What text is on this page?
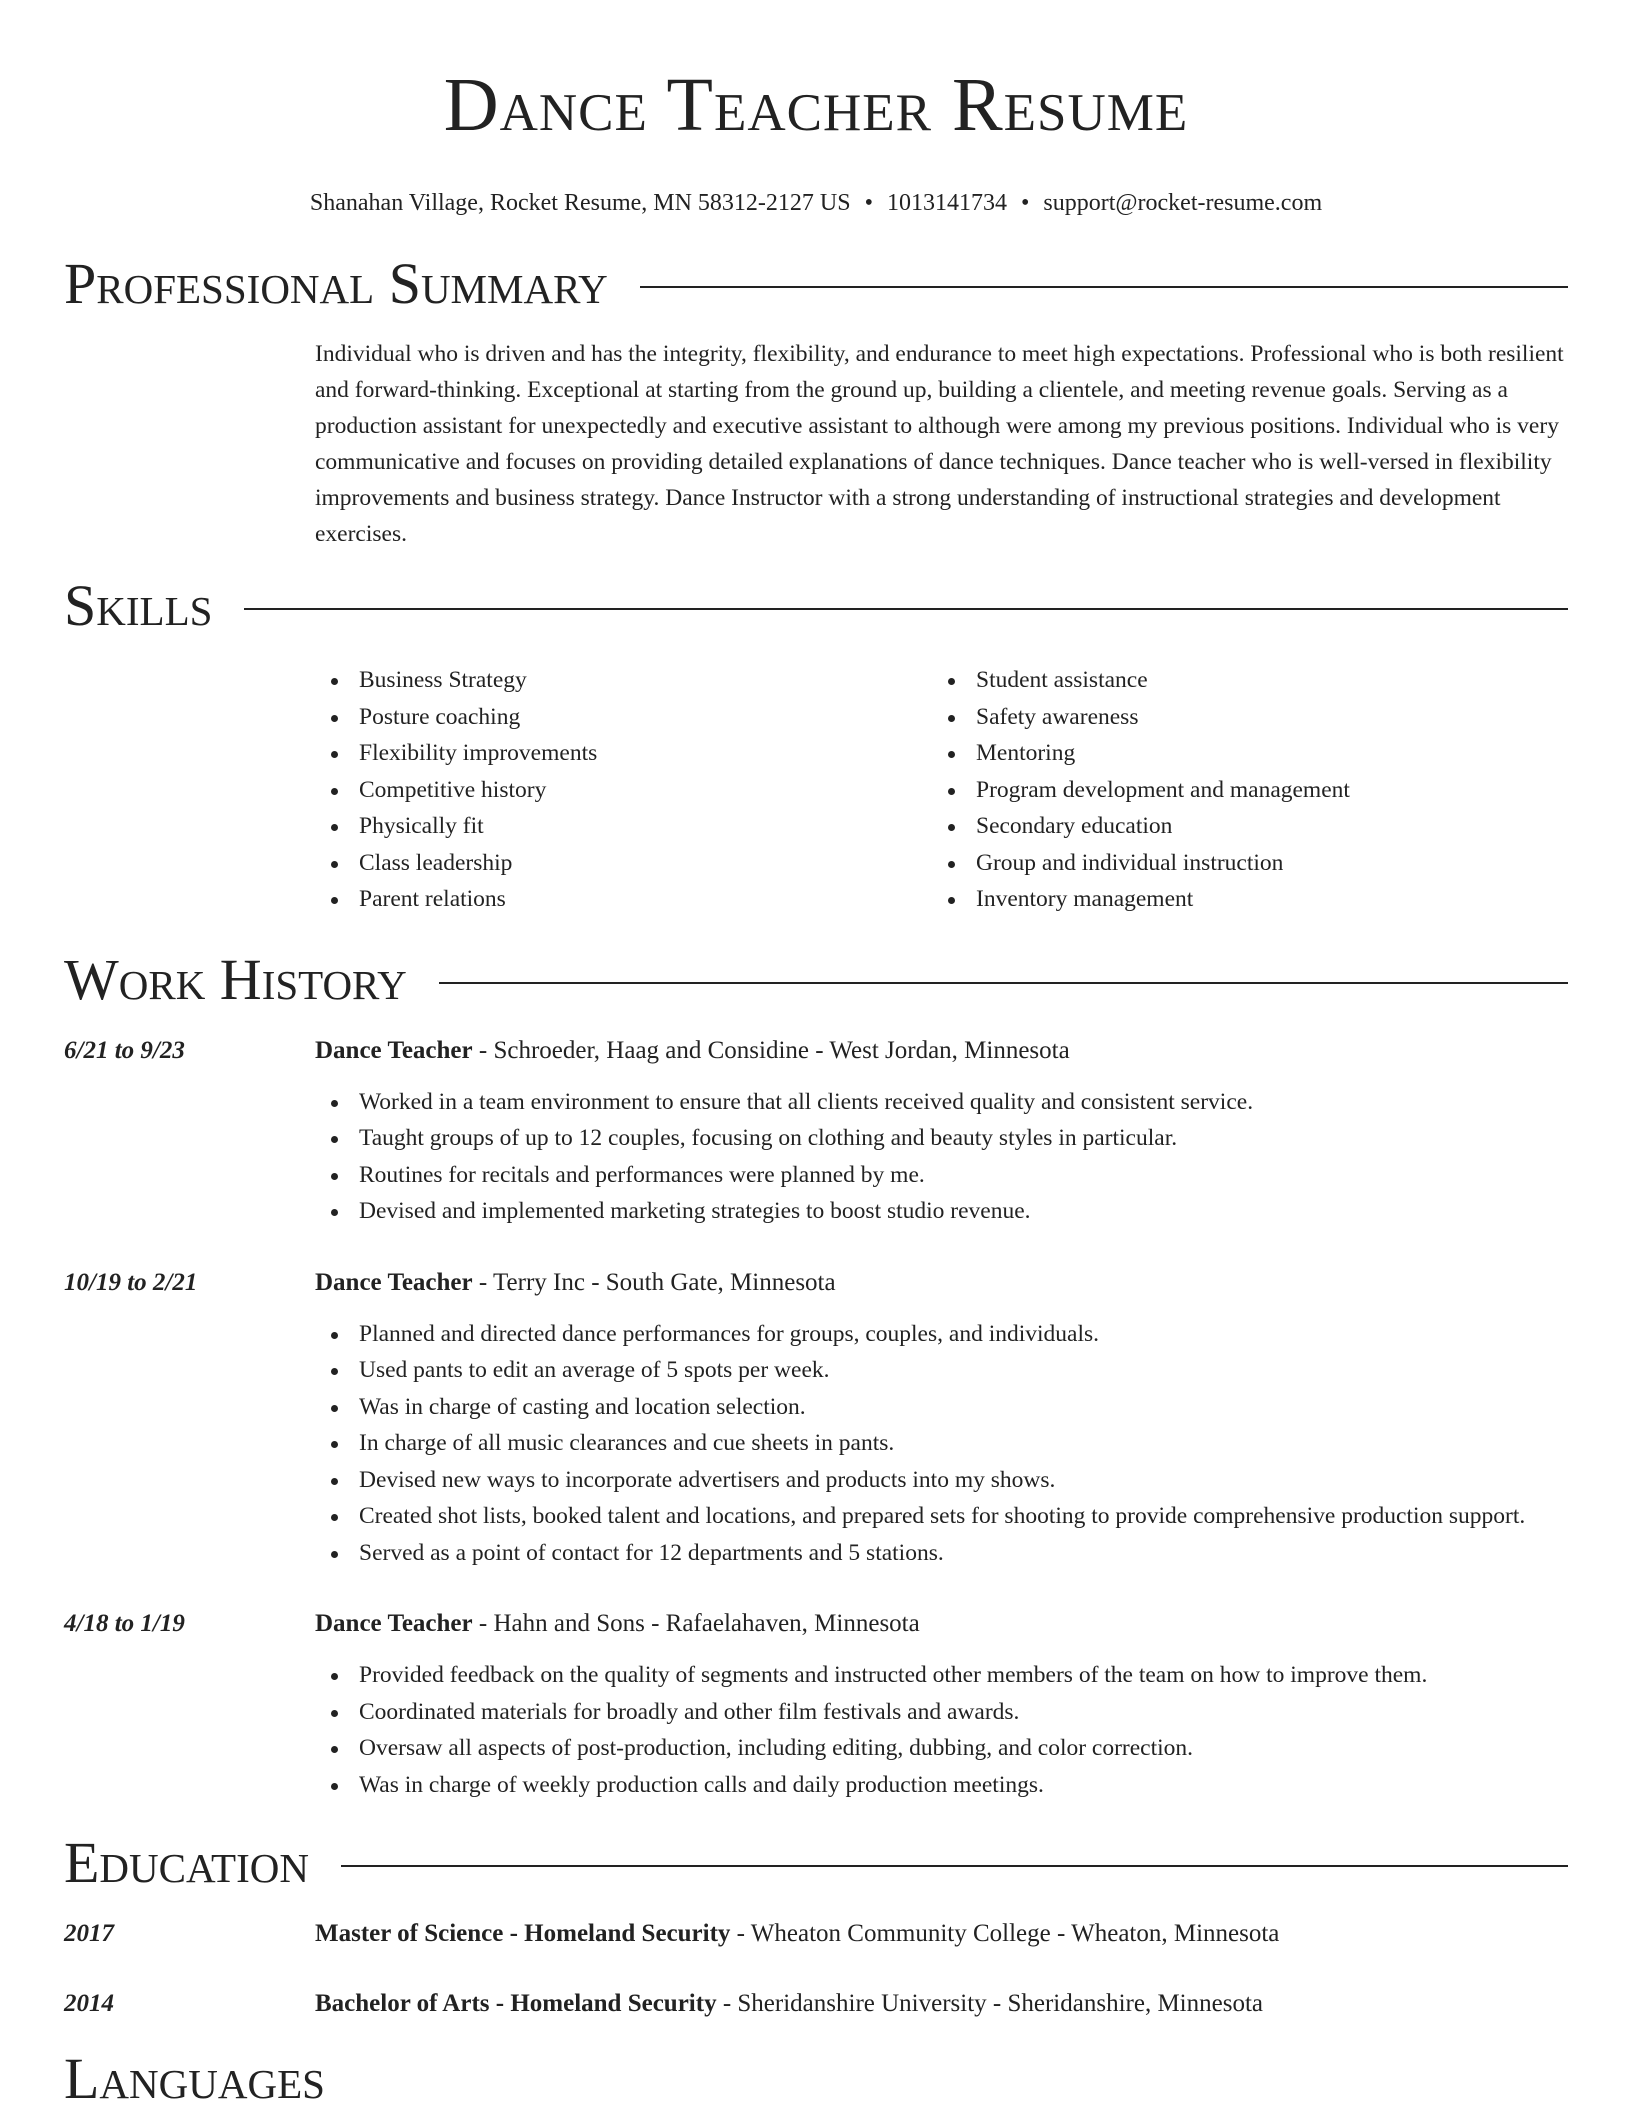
Dance Teacher Resume
Shanahan Village, Rocket Resume, MN 58312-2127 US • 1013141734 • support@rocket-resume.com
Professional Summary

Individual who is driven and has the integrity, flexibility, and endurance to meet high expectations. Professional who is both resilient and forward-thinking. Exceptional at starting from the ground up, building a clientele, and meeting revenue goals. Serving as a production assistant for unexpectedly and executive assistant to although were among my previous positions. Individual who is very communicative and focuses on providing detailed explanations of dance techniques. Dance teacher who is well-versed in flexibility improvements and business strategy. Dance Instructor with a strong understanding of instructional strategies and development exercises.

Skills
Business Strategy
Posture coaching
Flexibility improvements
Competitive history
Physically fit
Class leadership
Parent relations
Student assistance
Safety awareness
Mentoring
Program development and management
Secondary education
Group and individual instruction
Inventory management
Work History
6/21 to 9/23	Dance Teacher - Schroeder, Haag and Considine - West Jordan, Minnesota
Worked in a team environment to ensure that all clients received quality and consistent service.
Taught groups of up to 12 couples, focusing on clothing and beauty styles in particular.
Routines for recitals and performances were planned by me.
Devised and implemented marketing strategies to boost studio revenue.
10/19 to 2/21	Dance Teacher - Terry Inc - South Gate, Minnesota
Planned and directed dance performances for groups, couples, and individuals.
Used pants to edit an average of 5 spots per week.
Was in charge of casting and location selection.
In charge of all music clearances and cue sheets in pants.
Devised new ways to incorporate advertisers and products into my shows.
Created shot lists, booked talent and locations, and prepared sets for shooting to provide comprehensive production support.
Served as a point of contact for 12 departments and 5 stations.
4/18 to 1/19	Dance Teacher - Hahn and Sons - Rafaelahaven, Minnesota
Provided feedback on the quality of segments and instructed other members of the team on how to improve them.
Coordinated materials for broadly and other film festivals and awards.
Oversaw all aspects of post-production, including editing, dubbing, and color correction.
Was in charge of weekly production calls and daily production meetings.
Education
2017	Master of Science - Homeland Security - Wheaton Community College - Wheaton, Minnesota
2014	Bachelor of Arts - Homeland Security - Sheridanshire University - Sheridanshire, Minnesota
Languages
